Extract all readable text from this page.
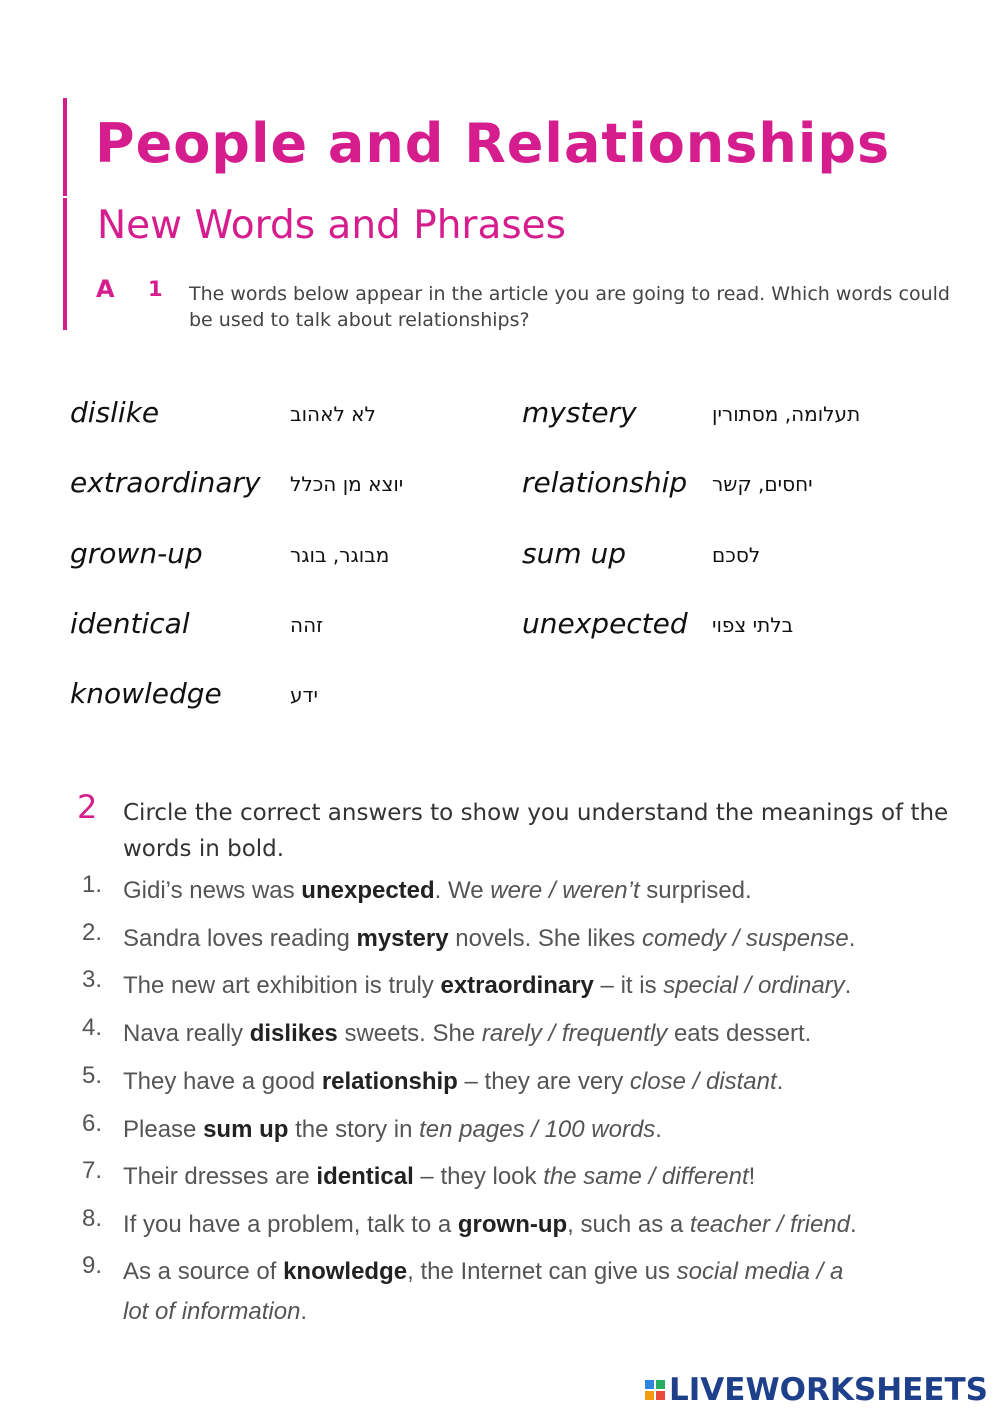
People and Relationships
New Words and Phrases
A 1 The words below appear in the article you are going to read. Which words could be used to talk about relationships?
dislike	לא לאהוב
extraordinary יוצא מן הכלל
grown-up	מבוגר, בוגר
identical	זהה
knowledge	ידע
mystery	תעלומה, מסתורין
relationship יחסים, קשר
sum up	לסכם
unexpected בלתי צפוי
2 Circle the correct answers to show you understand the meanings of the words in bold.
1. Gidi’s news was unexpected. We were / weren’t surprised.
2. Sandra loves reading mystery novels. She likes comedy / suspense.
3. The new art exhibition is truly extraordinary – it is special / ordinary.
4. Nava really dislikes sweets. She rarely / frequently eats dessert.
5. They have a good relationship – they are very close / distant.
6. Please sum up the story in ten pages / 100 words.
7. Their dresses are identical – they look the same / different!
8. If you have a problem, talk to a grown-up, such as a teacher / friend.
9. As a source of knowledge, the Internet can give us social media / a lot of information.
LIVEWORKSHEETS
